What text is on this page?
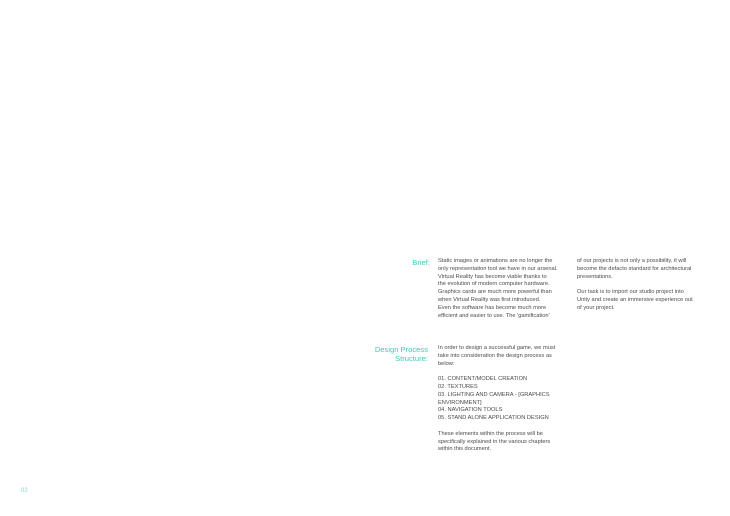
Brief: Static images or animations are no longer the

only representation tool we have in our arsenal.

Virtual Reality has become viable thanks to

the evolution of modern computer hardware.

Graphics cards are much more powerful than

when Virtual Reality was first introduced.

Even the software has become much more

efficient and easier to use. The 'gamification'

of our projects is not only a possibility, it will

become the defacto standard for architectural

presentations.

Our task is to import our studio project into

Unity and create an immersive experience out

of your project.

Design Process
Structure:

In order to design a successful game, we must

take into consideration the design process as

below:

01. CONTENT/MODEL CREATION

02. TEXTURES

03. LIGHTING AND CAMERA - [GRAPHICS

ENVIRONMENT]

04. NAVIGATION TOOLS

05. STAND ALONE APPLICATION DESIGN

These elements within the process will be

specifically explained in the various chapters

within this document.

02
